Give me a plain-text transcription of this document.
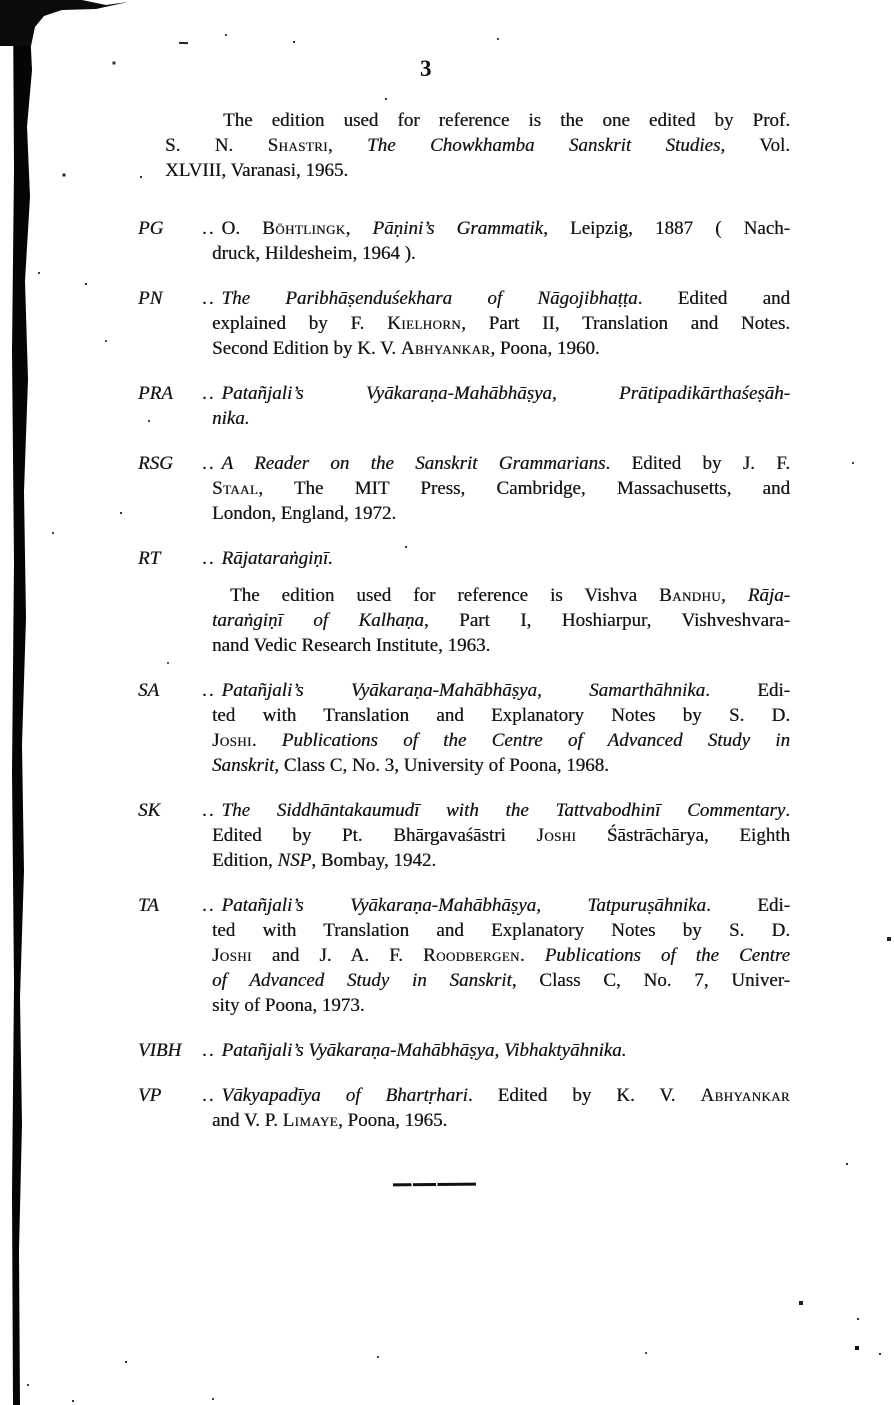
3
The edition used for reference is the one edited by Prof.
S. N. Shastri, The Chowkhamba Sanskrit Studies, Vol.
XLVIII, Varanasi, 1965.
PG	.. O. Böhtlingk, Pāṇini’s Grammatik, Leipzig, 1887 ( Nach-
druck, Hildesheim, 1964 ).
PN	.. The Paribhāṣenduśekhara of Nāgojibhaṭṭa. Edited and
explained by F. Kielhorn, Part II, Translation and Notes.
Second Edition by K. V. Abhyankar, Poona, 1960.
PRA	.. Patañjali’s Vyākaraṇa-Mahābhāṣya, Prātipadikārthaśeṣāh-
nika.
RSG	.. A Reader on the Sanskrit Grammarians. Edited by J. F.
Staal, The MIT Press, Cambridge, Massachusetts, and
London, England, 1972.
RT	.. Rājataraṅgiṇī.
The edition used for reference is Vishva Bandhu, Rāja-
taraṅgiṇī of Kalhaṇa, Part I, Hoshiarpur, Vishveshvara-
nand Vedic Research Institute, 1963.
SA	.. Patañjali’s Vyākaraṇa-Mahābhāṣya, Samarthāhnika. Edi-
ted with Translation and Explanatory Notes by S. D.
Joshi. Publications of the Centre of Advanced Study in
Sanskrit, Class C, No. 3, University of Poona, 1968.
SK	.. The Siddhāntakaumudī with the Tattvabodhinī Commentary.
Edited by Pt. Bhārgavaśāstri Joshi Śāstrāchārya, Eighth
Edition, NSP, Bombay, 1942.
TA	.. Patañjali’s Vyākaraṇa-Mahābhāṣya, Tatpuruṣāhnika. Edi-
ted with Translation and Explanatory Notes by S. D.
Joshi and J. A. F. Roodbergen. Publications of the Centre
of Advanced Study in Sanskrit, Class C, No. 7, Univer-
sity of Poona, 1973.
VIBH	.. Patañjali’s Vyākaraṇa-Mahābhāṣya, Vibhaktyāhnika.
VP	.. Vākyapadīya of Bhartṛhari. Edited by K. V. Abhyankar
and V. P. Limaye, Poona, 1965.
